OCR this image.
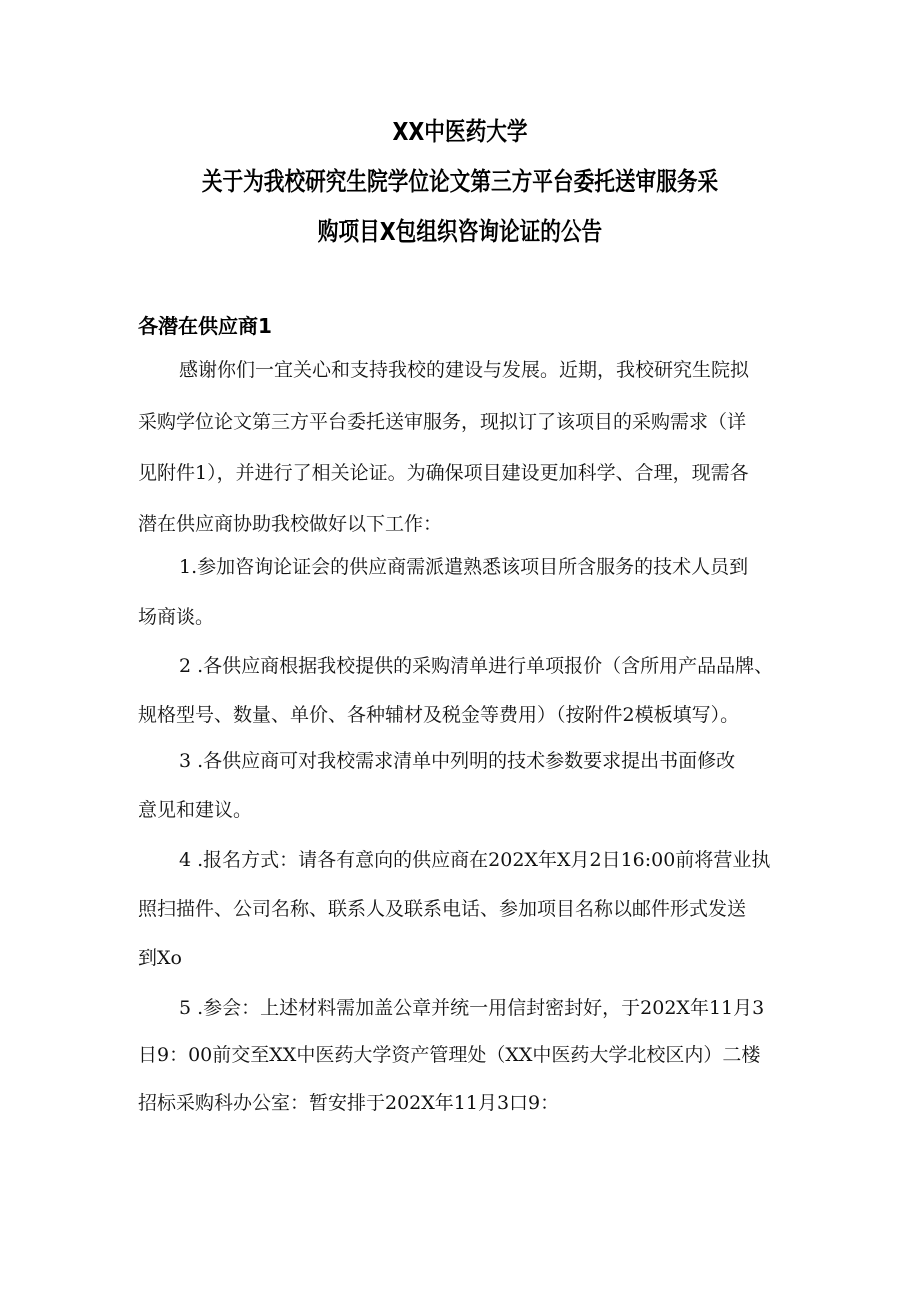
XX中医药大学
关于为我校研究生院学位论文第三方平台委托送审服务采
购项目X包组织咨询论证的公告
各潜在供应商1
感谢你们一宜关心和支持我校的建设与发展。近期，我校研究生院拟
采购学位论文第三方平台委托送审服务，现拟订了该项目的采购需求（详
见附件1），并进行了相关论证。为确保项目建设更加科学、合理，现需各
潜在供应商协助我校做好以下工作：
1.参加咨询论证会的供应商需派遣熟悉该项目所含服务的技术人员到
场商谈。
2 .各供应商根据我校提供的采购清单进行单项报价（含所用产品品牌、
规格型号、数量、单价、各种辅材及税金等费用）（按附件2模板填写）。
3 .各供应商可对我校需求清单中列明的技术参数要求提出书面修改
意见和建议。
4 .报名方式：请各有意向的供应商在202X年X月2日16:00前将营业执
照扫描件、公司名称、联系人及联系电话、参加项目名称以邮件形式发送
到Xo
5 .参会：上述材料需加盖公章并统一用信封密封好，于202X年11月3
日9：00前交至XX中医药大学资产管理处（XX中医药大学北校区内）二楼
招标采购科办公室：暂安排于202X年11月3口9：
